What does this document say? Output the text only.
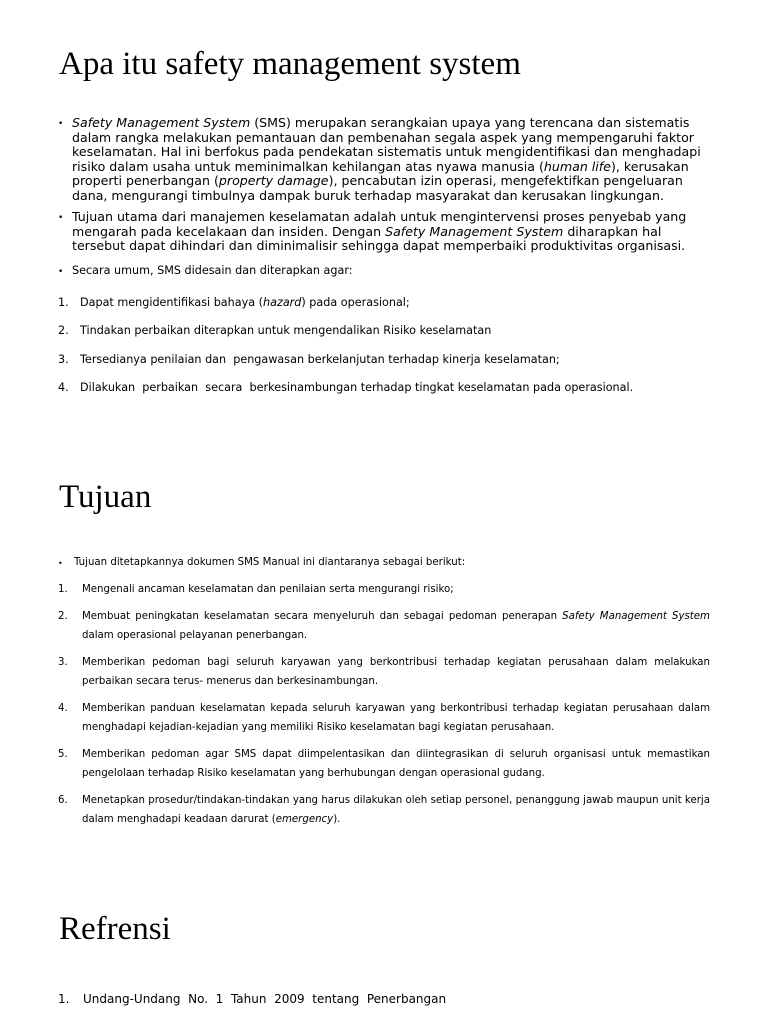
Apa itu safety management system
• Safety Management System (SMS) merupakan serangkaian upaya yang terencana dan sistematis dalam rangka melakukan pemantauan dan pembenahan segala aspek yang mempengaruhi faktor keselamatan. Hal ini berfokus pada pendekatan sistematis untuk mengidentifikasi dan menghadapi risiko dalam usaha untuk meminimalkan kehilangan atas nyawa manusia (human life), kerusakan properti penerbangan (property damage), pencabutan izin operasi, mengefektifkan pengeluaran dana, mengurangi timbulnya dampak buruk terhadap masyarakat dan kerusakan lingkungan.

• Tujuan utama dari manajemen keselamatan adalah untuk mengintervensi proses penyebab yang mengarah pada kecelakaan dan insiden. Dengan Safety Management System diharapkan hal tersebut dapat dihindari dan diminimalisir sehingga dapat memperbaiki produktivitas organisasi.

• Secara umum, SMS didesain dan diterapkan agar:

1. Dapat mengidentifikasi bahaya (hazard) pada operasional;

2. Tindakan perbaikan diterapkan untuk mengendalikan Risiko keselamatan

3. Tersedianya penilaian dan  pengawasan berkelanjutan terhadap kinerja keselamatan;

4. Dilakukan  perbaikan  secara  berkesinambungan terhadap tingkat keselamatan pada operasional.

Tujuan
• Tujuan ditetapkannya dokumen SMS Manual ini diantaranya sebagai berikut:

1. Mengenali ancaman keselamatan dan penilaian serta mengurangi risiko;

2. Membuat peningkatan keselamatan secara menyeluruh dan sebagai pedoman penerapan Safety Management System dalam operasional pelayanan penerbangan.

3. Memberikan pedoman bagi seluruh karyawan yang berkontribusi terhadap kegiatan perusahaan dalam melakukan perbaikan secara terus- menerus dan berkesinambungan.

4. Memberikan panduan keselamatan kepada seluruh karyawan yang berkontribusi terhadap kegiatan perusahaan dalam menghadapi kejadian-kejadian yang memiliki Risiko keselamatan bagi kegiatan perusahaan.

5. Memberikan pedoman agar SMS dapat diimpelentasikan dan diintegrasikan di seluruh organisasi untuk memastikan pengelolaan terhadap Risiko keselamatan yang berhubungan dengan operasional gudang.

6. Menetapkan prosedur/tindakan-tindakan yang harus dilakukan oleh setiap personel, penanggung jawab maupun unit kerja dalam menghadapi keadaan darurat (emergency).

Refrensi
1. Undang-Undang  No.  1  Tahun  2009  tentang  Penerbangan
